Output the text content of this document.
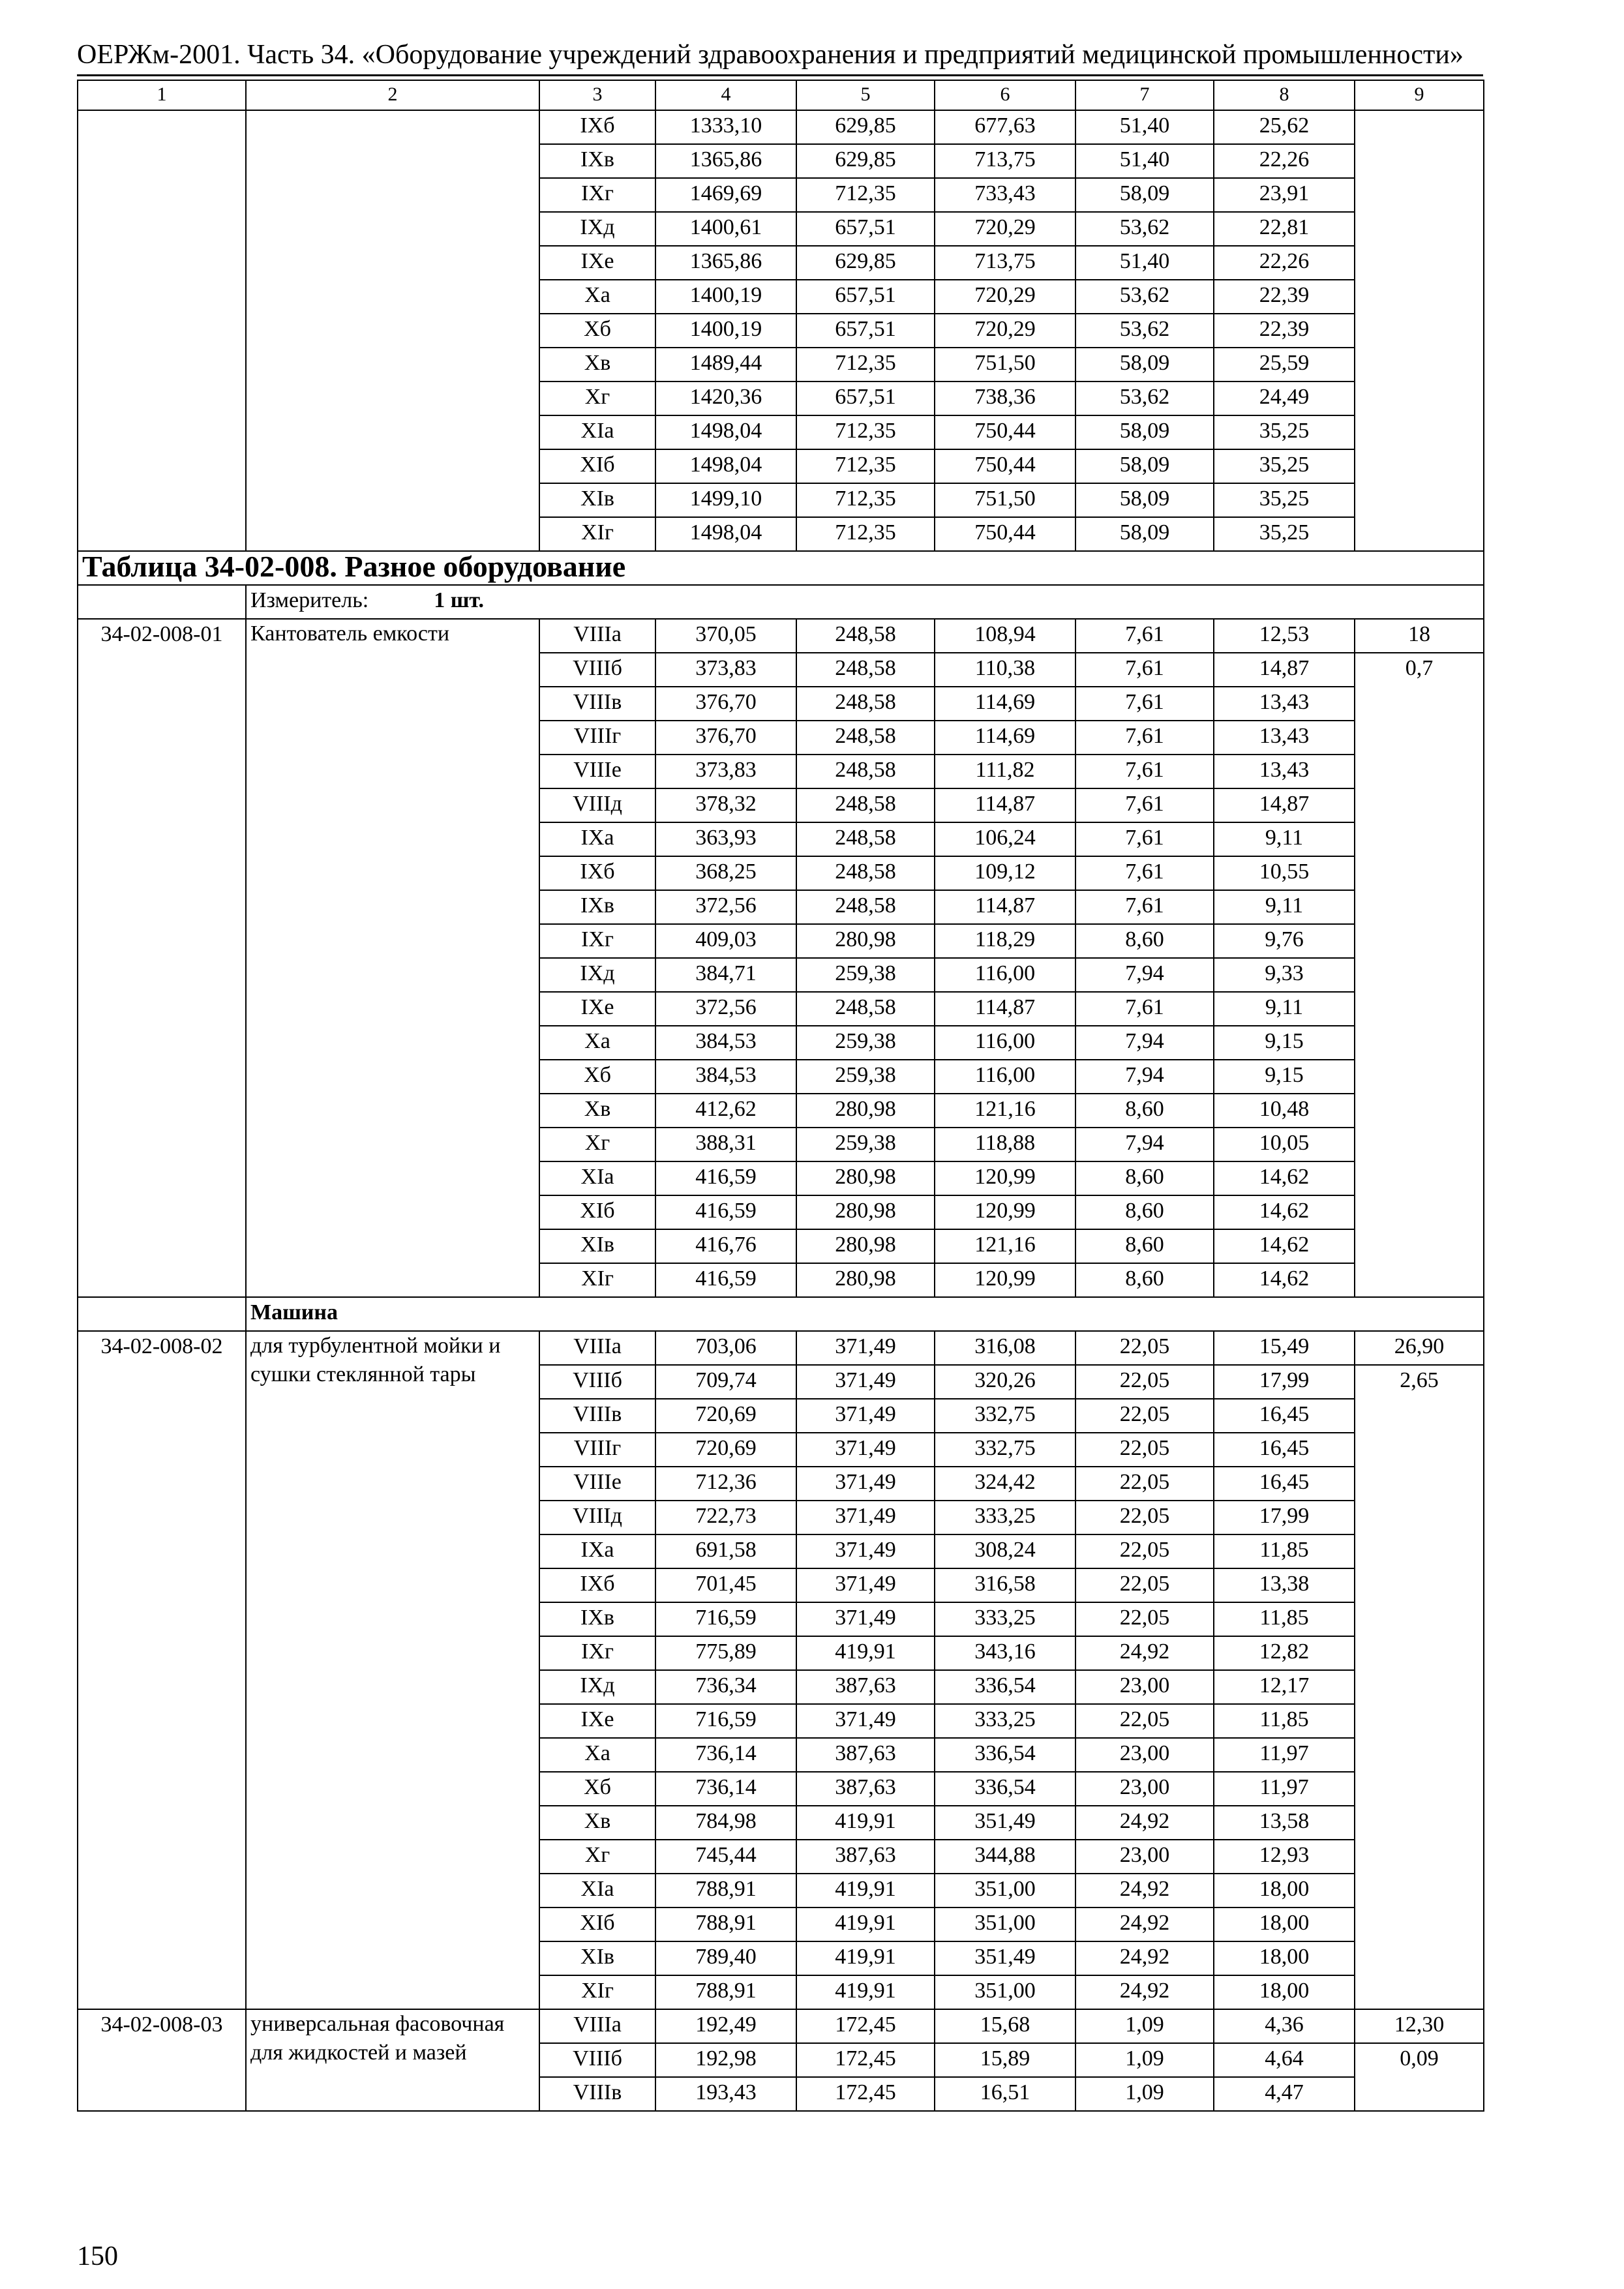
ОЕРЖм-2001. Часть 34. «Оборудование учреждений здравоохранения и предприятий медицинской промышленности»
1	2	3	4	5	6	7	8	9
		IXб	1333,10	629,85	677,63	51,40	25,62	
		IXв	1365,86	629,85	713,75	51,40	22,26	
		IXг	1469,69	712,35	733,43	58,09	23,91	
		IXд	1400,61	657,51	720,29	53,62	22,81	
		IXе	1365,86	629,85	713,75	51,40	22,26	
		Xа	1400,19	657,51	720,29	53,62	22,39	
		Xб	1400,19	657,51	720,29	53,62	22,39	
		Xв	1489,44	712,35	751,50	58,09	25,59	
		Xг	1420,36	657,51	738,36	53,62	24,49	
		XIа	1498,04	712,35	750,44	58,09	35,25	
		XIб	1498,04	712,35	750,44	58,09	35,25	
		XIв	1499,10	712,35	751,50	58,09	35,25	
		XIг	1498,04	712,35	750,44	58,09	35,25	
Таблица 34-02-008. Разное оборудование								
	Измеритель: 1 шт.							
34-02-008-01	Кантователь емкости	VIIIа	370,05	248,58	108,94	7,61	12,53	18
		VIIIб	373,83	248,58	110,38	7,61	14,87	0,7
		VIIIв	376,70	248,58	114,69	7,61	13,43	
		VIIIг	376,70	248,58	114,69	7,61	13,43	
		VIIIе	373,83	248,58	111,82	7,61	13,43	
		VIIIд	378,32	248,58	114,87	7,61	14,87	
		IXа	363,93	248,58	106,24	7,61	9,11	
		IXб	368,25	248,58	109,12	7,61	10,55	
		IXв	372,56	248,58	114,87	7,61	9,11	
		IXг	409,03	280,98	118,29	8,60	9,76	
		IXд	384,71	259,38	116,00	7,94	9,33	
		IXе	372,56	248,58	114,87	7,61	9,11	
		Xа	384,53	259,38	116,00	7,94	9,15	
		Xб	384,53	259,38	116,00	7,94	9,15	
		Xв	412,62	280,98	121,16	8,60	10,48	
		Xг	388,31	259,38	118,88	7,94	10,05	
		XIа	416,59	280,98	120,99	8,60	14,62	
		XIб	416,59	280,98	120,99	8,60	14,62	
		XIв	416,76	280,98	121,16	8,60	14,62	
		XIг	416,59	280,98	120,99	8,60	14,62	
	Машина							
34-02-008-02	для турбулентной мойки и сушки стеклянной тары	VIIIа	703,06	371,49	316,08	22,05	15,49	26,90
		VIIIб	709,74	371,49	320,26	22,05	17,99	2,65
		VIIIв	720,69	371,49	332,75	22,05	16,45	
		VIIIг	720,69	371,49	332,75	22,05	16,45	
		VIIIе	712,36	371,49	324,42	22,05	16,45	
		VIIIд	722,73	371,49	333,25	22,05	17,99	
		IXа	691,58	371,49	308,24	22,05	11,85	
		IXб	701,45	371,49	316,58	22,05	13,38	
		IXв	716,59	371,49	333,25	22,05	11,85	
		IXг	775,89	419,91	343,16	24,92	12,82	
		IXд	736,34	387,63	336,54	23,00	12,17	
		IXе	716,59	371,49	333,25	22,05	11,85	
		Xа	736,14	387,63	336,54	23,00	11,97	
		Xб	736,14	387,63	336,54	23,00	11,97	
		Xв	784,98	419,91	351,49	24,92	13,58	
		Xг	745,44	387,63	344,88	23,00	12,93	
		XIа	788,91	419,91	351,00	24,92	18,00	
		XIб	788,91	419,91	351,00	24,92	18,00	
		XIв	789,40	419,91	351,49	24,92	18,00	
		XIг	788,91	419,91	351,00	24,92	18,00	
34-02-008-03	универсальная фасовочная для жидкостей и мазей	VIIIа	192,49	172,45	15,68	1,09	4,36	12,30
		VIIIб	192,98	172,45	15,89	1,09	4,64	0,09
		VIIIв	193,43	172,45	16,51	1,09	4,47	
150
